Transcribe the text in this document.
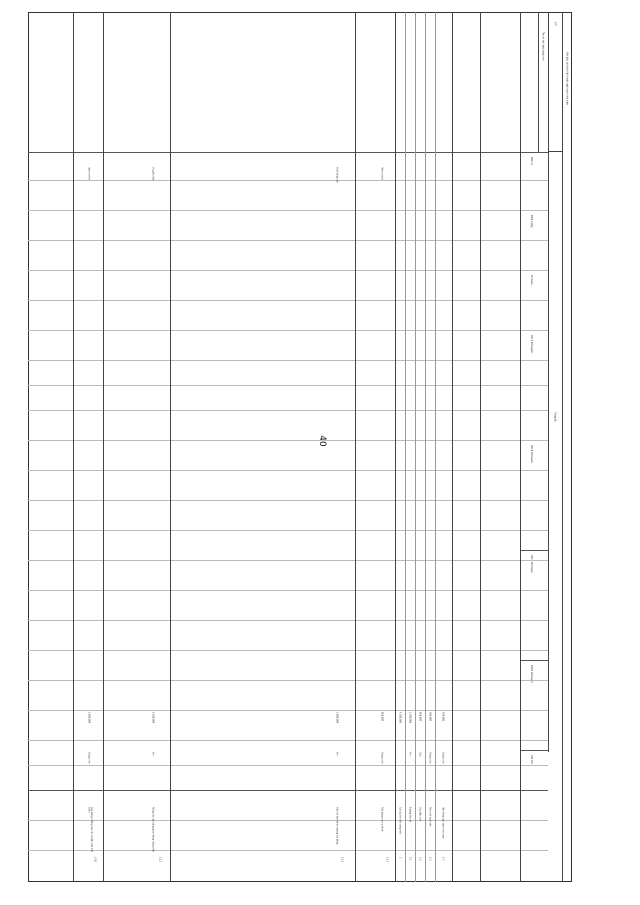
40
Vốn đầu tư phát triển thuộc ngân sách nhà nước
STT
Tên và mã hiệu công trình
Trong đó
Đơn vị
Khối lượng
Dự toán
2017 kế hoạch
2018 kế hoạch
2019 kế hoạch
2020 kế hoạch
Ghi chú
1.10
Xây dựng trường học các xã đặc biệt khó khăn
Công trình
1.000.000
Hoàn thành
1.11
Nâng cấp hệ thống giao thông nông thôn
Km
2.500.000
Chuyển tiếp
1.12
Kiên cố hóa kênh mương nội đồng
Km
1.800.000
Khởi công mới
1.13
Xây dựng trạm y tế xã
Công trình
950.000
Hoàn thành
2
Các dự án khởi công mới
4.200.000
2.1
Đường liên xã
Km
1.200.000
2.2
Cầu dân sinh
Cầu
650.000
2.3
Nhà văn hóa thôn
Công trình
480.000
2.4
Hệ thống cấp nước sinh hoạt
Công trình
870.000
